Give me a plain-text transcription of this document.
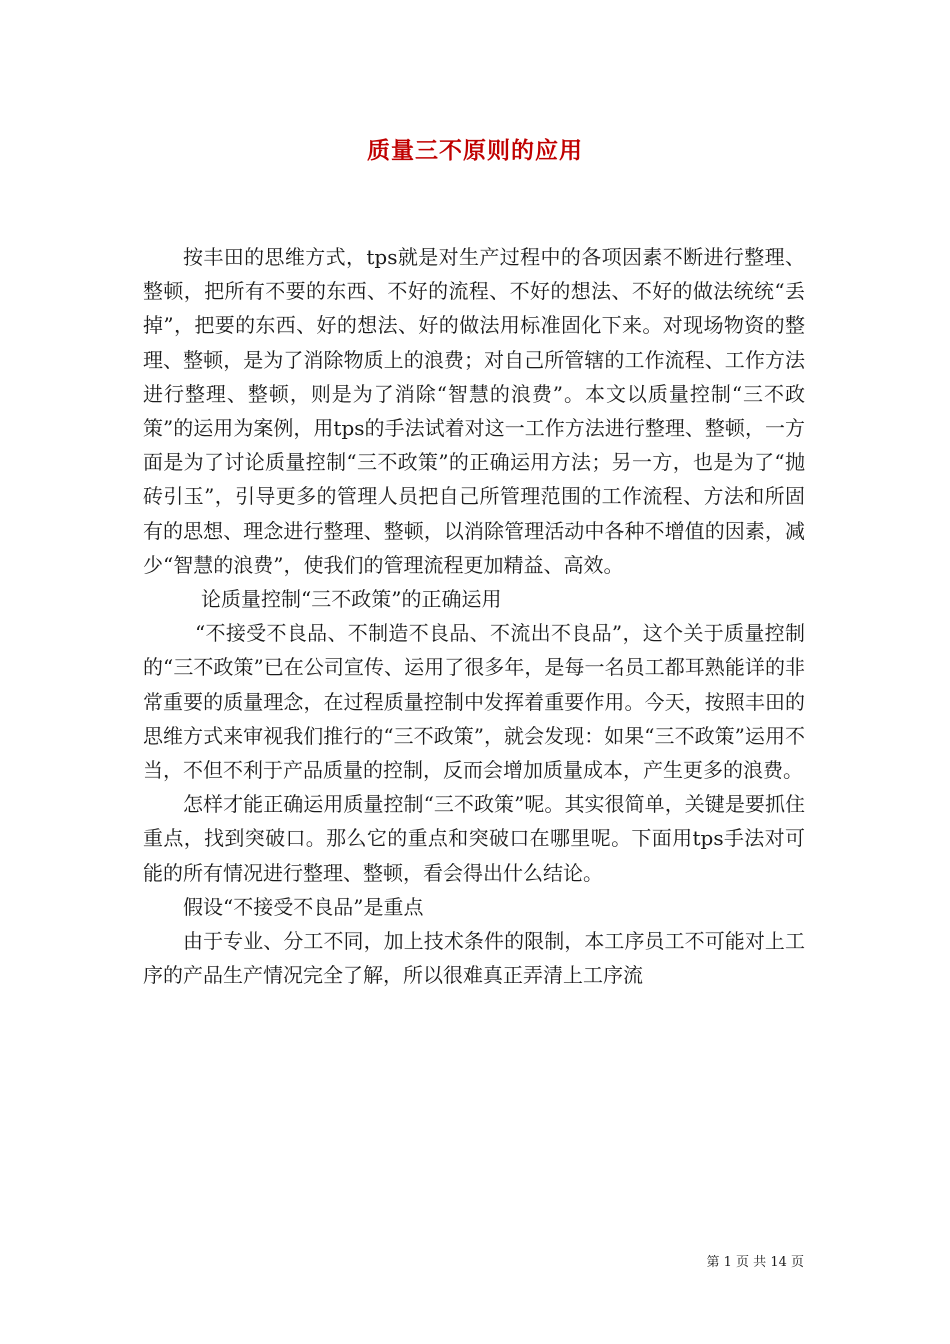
质量三不原则的应用

按丰田的思维方式，tps就是对生产过程中的各项因素不断进行整理、整顿，把所有不要的东西、不好的流程、不好的想法、不好的做法统统“丢掉”，把要的东西、好的想法、好的做法用标准固化下来。对现场物资的整理、整顿，是为了消除物质上的浪费；对自己所管辖的工作流程、工作方法进行整理、整顿，则是为了消除“智慧的浪费”。本文以质量控制“三不政策”的运用为案例，用tps的手法试着对这一工作方法进行整理、整顿，一方面是为了讨论质量控制“三不政策”的正确运用方法；另一方，也是为了“抛砖引玉”，引导更多的管理人员把自己所管理范围的工作流程、方法和所固有的思想、理念进行整理、整顿，以消除管理活动中各种不增值的因素，减少“智慧的浪费”，使我们的管理流程更加精益、高效。

论质量控制“三不政策”的正确运用

“不接受不良品、不制造不良品、不流出不良品”，这个关于质量控制的“三不政策”已在公司宣传、运用了很多年，是每一名员工都耳熟能详的非常重要的质量理念，在过程质量控制中发挥着重要作用。今天，按照丰田的思维方式来审视我们推行的“三不政策”，就会发现：如果“三不政策”运用不当，不但不利于产品质量的控制，反而会增加质量成本，产生更多的浪费。

怎样才能正确运用质量控制“三不政策”呢。其实很简单，关键是要抓住重点，找到突破口。那么它的重点和突破口在哪里呢。下面用tps手法对可能的所有情况进行整理、整顿，看会得出什么结论。

假设“不接受不良品”是重点

由于专业、分工不同，加上技术条件的限制，本工序员工不可能对上工序的产品生产情况完全了解，所以很难真正弄清上工序流

第 1 页 共 14 页
